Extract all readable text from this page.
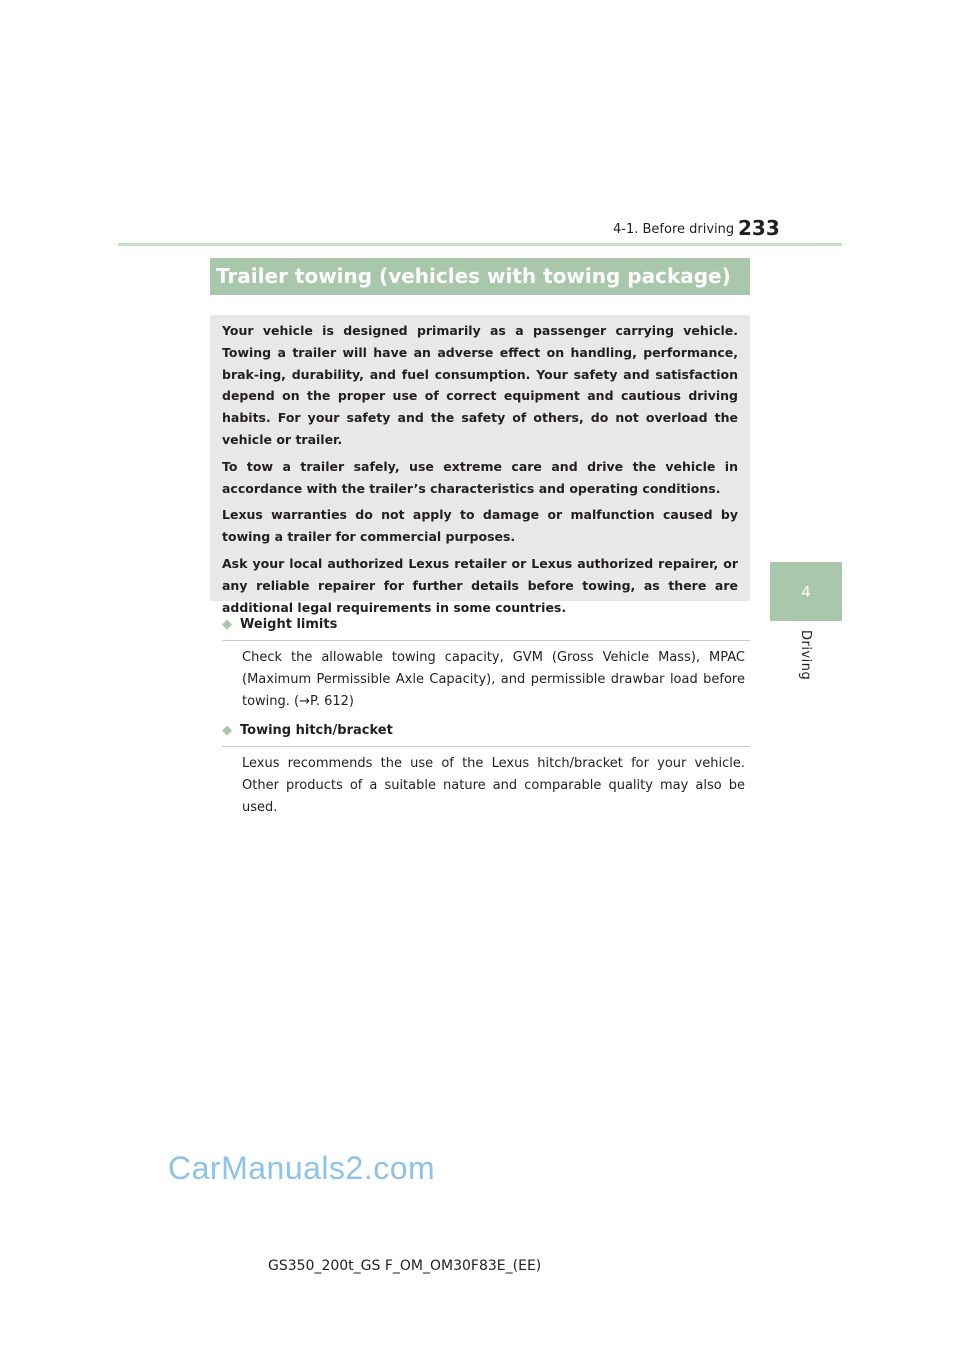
4-1. Before driving 233
4
Driving
Trailer towing (vehicles with towing package)

Your vehicle is designed primarily as a passenger carrying vehicle. Towing a trailer will have an adverse effect on handling, performance, brak-ing, durability, and fuel consumption. Your safety and satisfaction depend on the proper use of correct equipment and cautious driving habits. For your safety and the safety of others, do not overload the vehicle or trailer.

To tow a trailer safely, use extreme care and drive the vehicle in accordance with the trailer’s characteristics and operating conditions.

Lexus warranties do not apply to damage or malfunction caused by towing a trailer for commercial purposes.

Ask your local authorized Lexus retailer or Lexus authorized repairer, or any reliable repairer for further details before towing, as there are additional legal requirements in some countries.

◆ Weight limits

Check the allowable towing capacity, GVM (Gross Vehicle Mass), MPAC (Maximum Permissible Axle Capacity), and permissible drawbar load before towing. (→P. 612)

◆ Towing hitch/bracket

Lexus recommends the use of the Lexus hitch/bracket for your vehicle. Other products of a suitable nature and comparable quality may also be used.

CarManuals2.com
GS350_200t_GS F_OM_OM30F83E_(EE)
